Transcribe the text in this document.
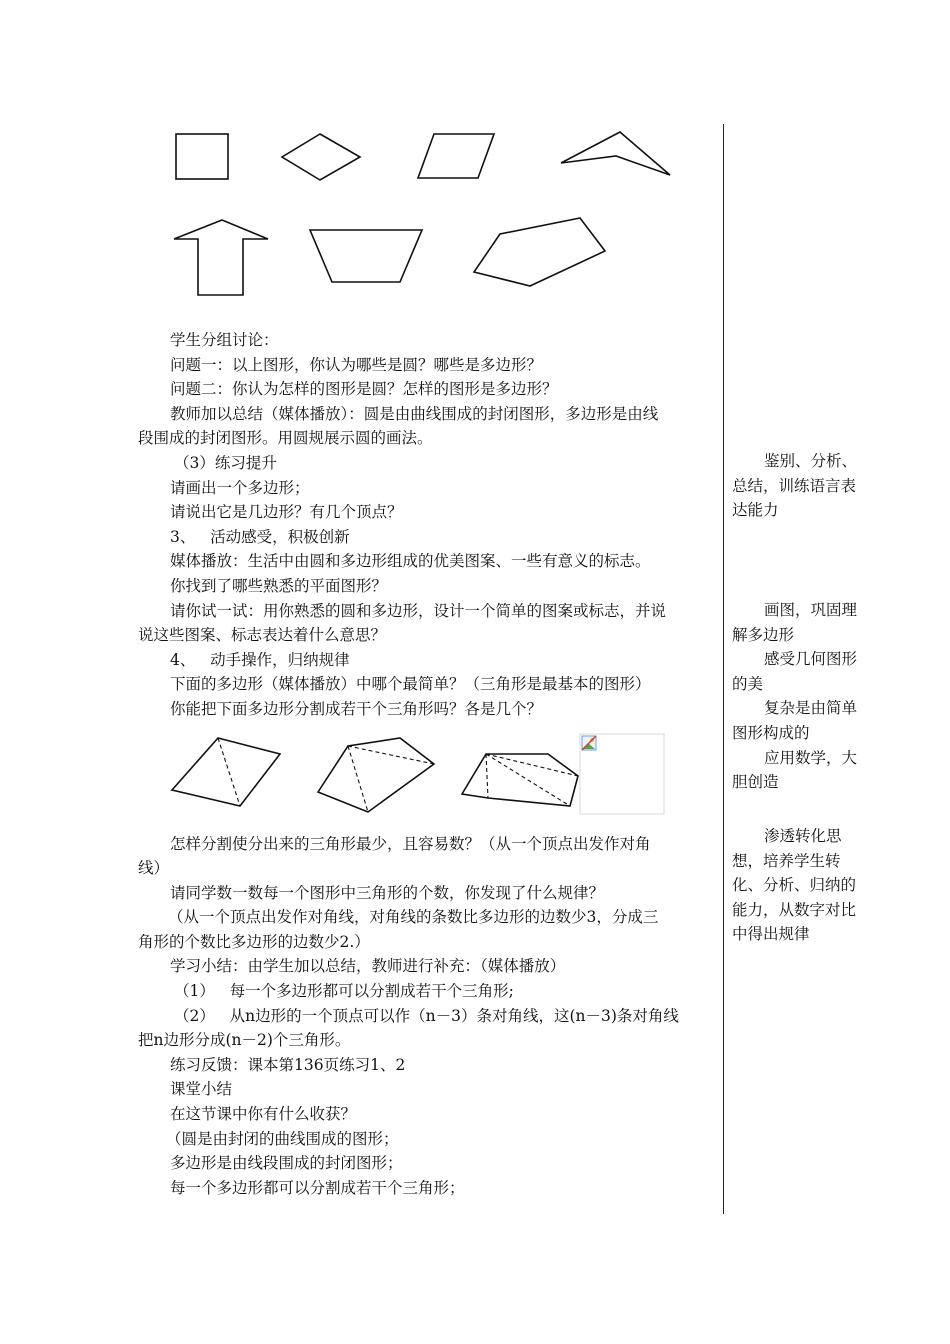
学生分组讨论：

问题一：以上图形，你认为哪些是圆？哪些是多边形？

问题二：你认为怎样的图形是圆？怎样的图形是多边形？

教师加以总结（媒体播放）：圆是由曲线围成的封闭图形，多边形是由线

段围成的封闭图形。用圆规展示圆的画法。

（3）练习提升

请画出一个多边形；

请说出它是几边形？有几个顶点？

3、   活动感受，积极创新

媒体播放：生活中由圆和多边形组成的优美图案、一些有意义的标志。

你找到了哪些熟悉的平面图形？

请你试一试：用你熟悉的圆和多边形，设计一个简单的图案或标志，并说

说这些图案、标志表达着什么意思？

4、   动手操作，归纳规律

下面的多边形（媒体播放）中哪个最简单？（三角形是最基本的图形）

你能把下面多边形分割成若干个三角形吗？各是几个？

怎样分割使分出来的三角形最少，且容易数？（从一个顶点出发作对角

线）

请同学数一数每一个图形中三角形的个数，你发现了什么规律？

（从一个顶点出发作对角线，对角线的条数比多边形的边数少3，分成三

角形的个数比多边形的边数少2.）

学习小结：由学生加以总结，教师进行补充：（媒体播放）

（1）   每一个多边形都可以分割成若干个三角形;

（2）   从n边形的一个顶点可以作（n－3）条对角线，这(n－3)条对角线

把n边形分成(n－2)个三角形。

练习反馈：课本第136页练习1、2

课堂小结

在这节课中你有什么收获？

（圆是由封闭的曲线围成的图形；

多边形是由线段围成的封闭图形；

每一个多边形都可以分割成若干个三角形；

鉴别、分析、

总结，训练语言表

达能力

画图，巩固理

解多边形

感受几何图形

的美

复杂是由简单

图形构成的

应用数学，大

胆创造

渗透转化思

想，培养学生转

化、分析、归纳的

能力，从数字对比

中得出规律
